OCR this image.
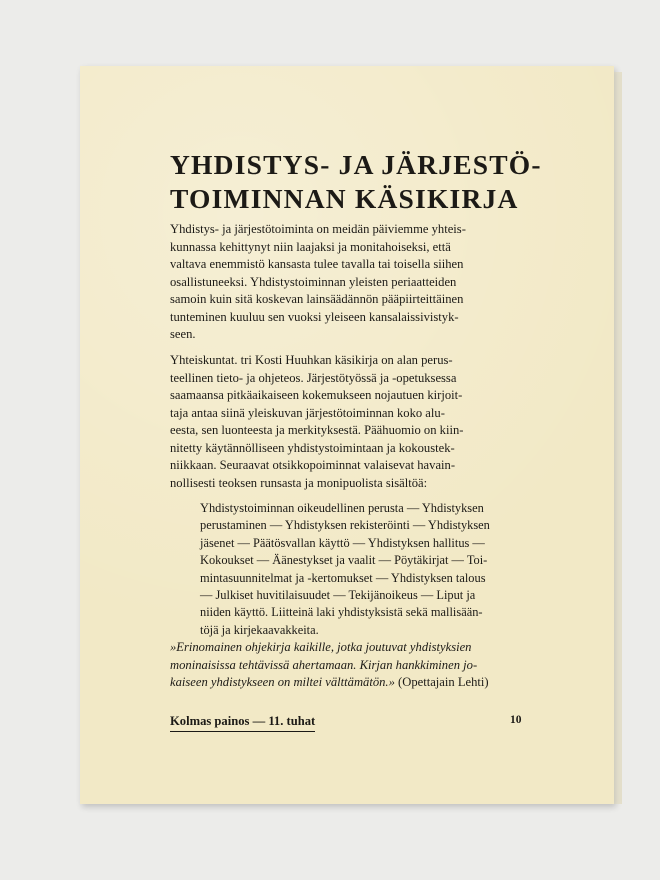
YHDISTYS- JA JÄRJESTÖ-
TOIMINNAN KÄSIKIRJA

Yhdistys- ja järjestötoiminta on meidän päiviemme yhteis-
kunnassa kehittynyt niin laajaksi ja monitahoiseksi, että
valtava enemmistö kansasta tulee tavalla tai toisella siihen
osallistuneeksi. Yhdistystoiminnan yleisten periaatteiden
samoin kuin sitä koskevan lainsäädännön pääpiirteittäinen
tunteminen kuuluu sen vuoksi yleiseen kansalaissivistyk-
seen.

Yhteiskuntat. tri Kosti Huuhkan käsikirja on alan perus-
teellinen tieto- ja ohjeteos. Järjestötyössä ja -opetuksessa
saamaansa pitkäaikaiseen kokemukseen nojautuen kirjoit-
taja antaa siinä yleiskuvan järjestötoiminnan koko alu-
eesta, sen luonteesta ja merkityksestä. Päähuomio on kiin-
nitetty käytännölliseen yhdistystoimintaan ja kokoustek-
niikkaan. Seuraavat otsikkopoiminnat valaisevat havain-
nollisesti teoksen runsasta ja monipuolista sisältöä:

Yhdistystoiminnan oikeudellinen perusta — Yhdistyksen
perustaminen — Yhdistyksen rekisteröinti — Yhdistyksen
jäsenet — Päätösvallan käyttö — Yhdistyksen hallitus —
Kokoukset — Äänestykset ja vaalit — Pöytäkirjat — Toi-
mintasuunnitelmat ja -kertomukset — Yhdistyksen talous
— Julkiset huvitilaisuudet — Tekijänoikeus — Liput ja
niiden käyttö. Liitteinä laki yhdistyksistä sekä mallisään-
töjä ja kirjekaavakkeita.

»Erinomainen ohjekirja kaikille, jotka joutuvat yhdistyksien
moninaisissa tehtävissä ahertamaan. Kirjan hankkiminen jo-
kaiseen yhdistykseen on miltei välttämätön.» (Opettajain Lehti)

Kolmas painos — 11. tuhat	10
